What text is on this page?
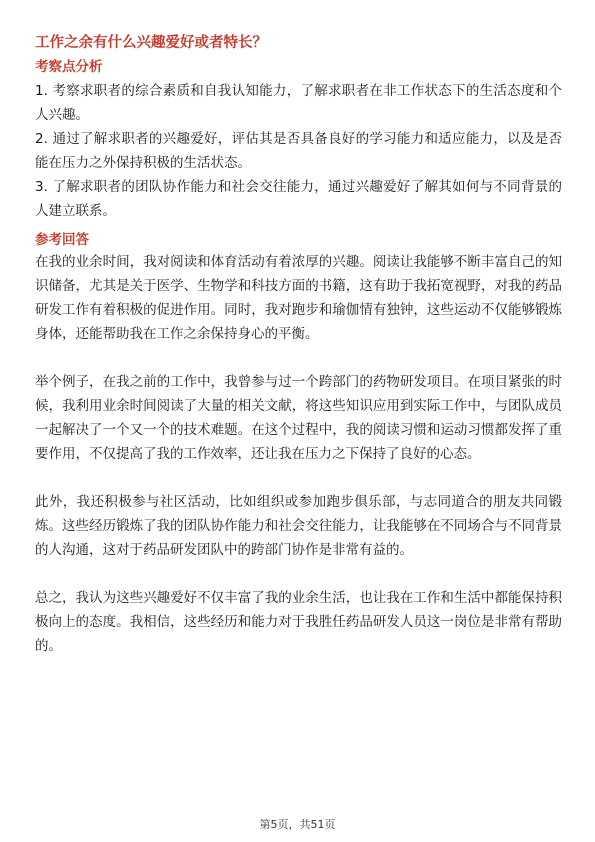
工作之余有什么兴趣爱好或者特长？
考察点分析
1. 考察求职者的综合素质和自我认知能力，了解求职者在非工作状态下的生活态度和个人兴趣。
2. 通过了解求职者的兴趣爱好，评估其是否具备良好的学习能力和适应能力，以及是否能在压力之外保持积极的生活状态。
3. 了解求职者的团队协作能力和社会交往能力，通过兴趣爱好了解其如何与不同背景的人建立联系。
参考回答

在我的业余时间，我对阅读和体育活动有着浓厚的兴趣。阅读让我能够不断丰富自己的知识储备，尤其是关于医学、生物学和科技方面的书籍，这有助于我拓宽视野，对我的药品研发工作有着积极的促进作用。同时，我对跑步和瑜伽情有独钟，这些运动不仅能够锻炼身体，还能帮助我在工作之余保持身心的平衡。

举个例子，在我之前的工作中，我曾参与过一个跨部门的药物研发项目。在项目紧张的时候，我利用业余时间阅读了大量的相关文献，将这些知识应用到实际工作中，与团队成员一起解决了一个又一个的技术难题。在这个过程中，我的阅读习惯和运动习惯都发挥了重要作用，不仅提高了我的工作效率，还让我在压力之下保持了良好的心态。

此外，我还积极参与社区活动，比如组织或参加跑步俱乐部，与志同道合的朋友共同锻炼。这些经历锻炼了我的团队协作能力和社会交往能力，让我能够在不同场合与不同背景的人沟通，这对于药品研发团队中的跨部门协作是非常有益的。

总之，我认为这些兴趣爱好不仅丰富了我的业余生活，也让我在工作和生活中都能保持积极向上的态度。我相信，这些经历和能力对于我胜任药品研发人员这一岗位是非常有帮助的。

第5页，共51页
